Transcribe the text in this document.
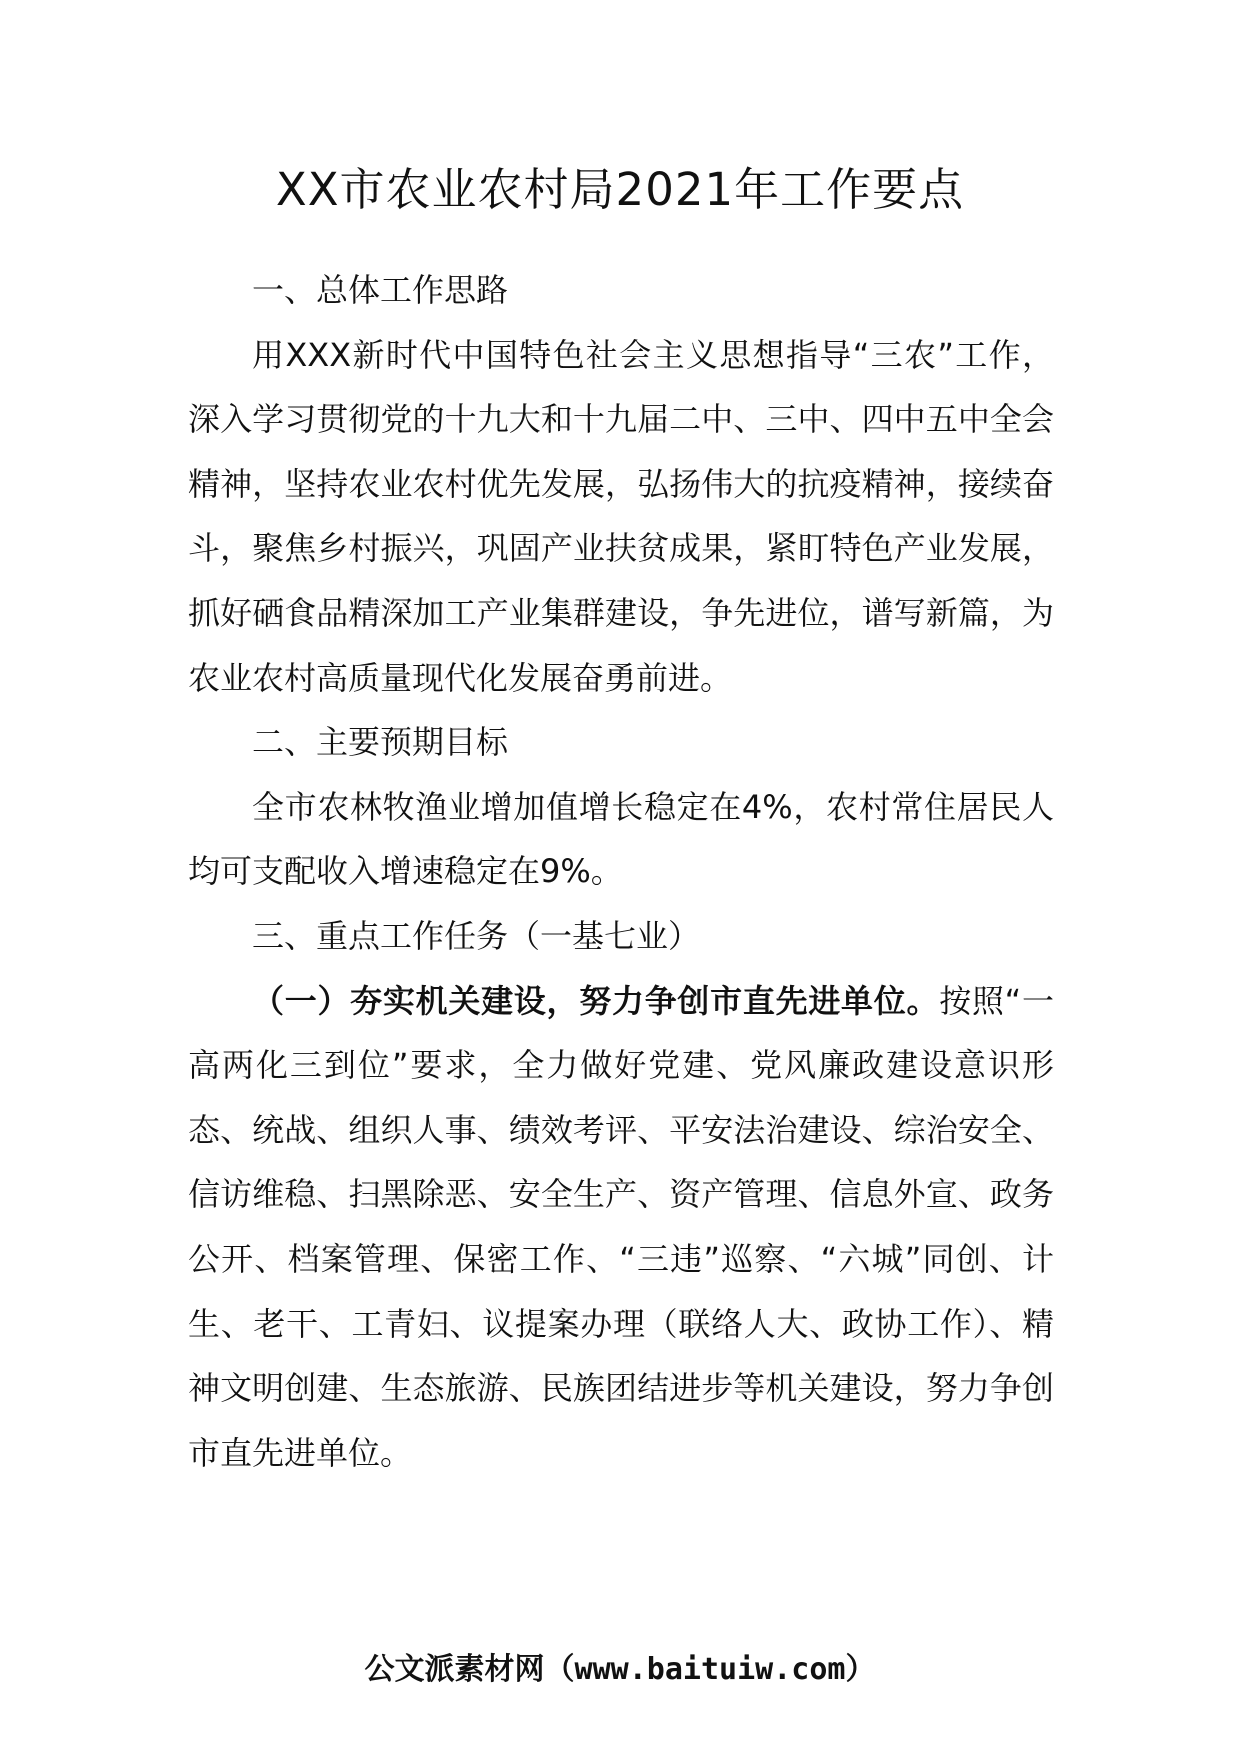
XX市农业农村局2021年工作要点

一、总体工作思路

用XXX新时代中国特色社会主义思想指导“三农”工作，深入学习贯彻党的十九大和十九届二中、三中、四中五中全会精神，坚持农业农村优先发展，弘扬伟大的抗疫精神，接续奋斗，聚焦乡村振兴，巩固产业扶贫成果，紧盯特色产业发展，抓好硒食品精深加工产业集群建设，争先进位，谱写新篇，为农业农村高质量现代化发展奋勇前进。

二、主要预期目标

全市农林牧渔业增加值增长稳定在4%，农村常住居民人均可支配收入增速稳定在9%。

三、重点工作任务（一基七业）

（一）夯实机关建设，努力争创市直先进单位。按照“一高两化三到位”要求，全力做好党建、党风廉政建设意识形态、统战、组织人事、绩效考评、平安法治建设、综治安全、信访维稳、扫黑除恶、安全生产、资产管理、信息外宣、政务公开、档案管理、保密工作、“三违”巡察、“六城”同创、计生、老干、工青妇、议提案办理（联络人大、政协工作）、精神文明创建、生态旅游、民族团结进步等机关建设，努力争创市直先进单位。

公文派素材网（www.baituiw.com）
